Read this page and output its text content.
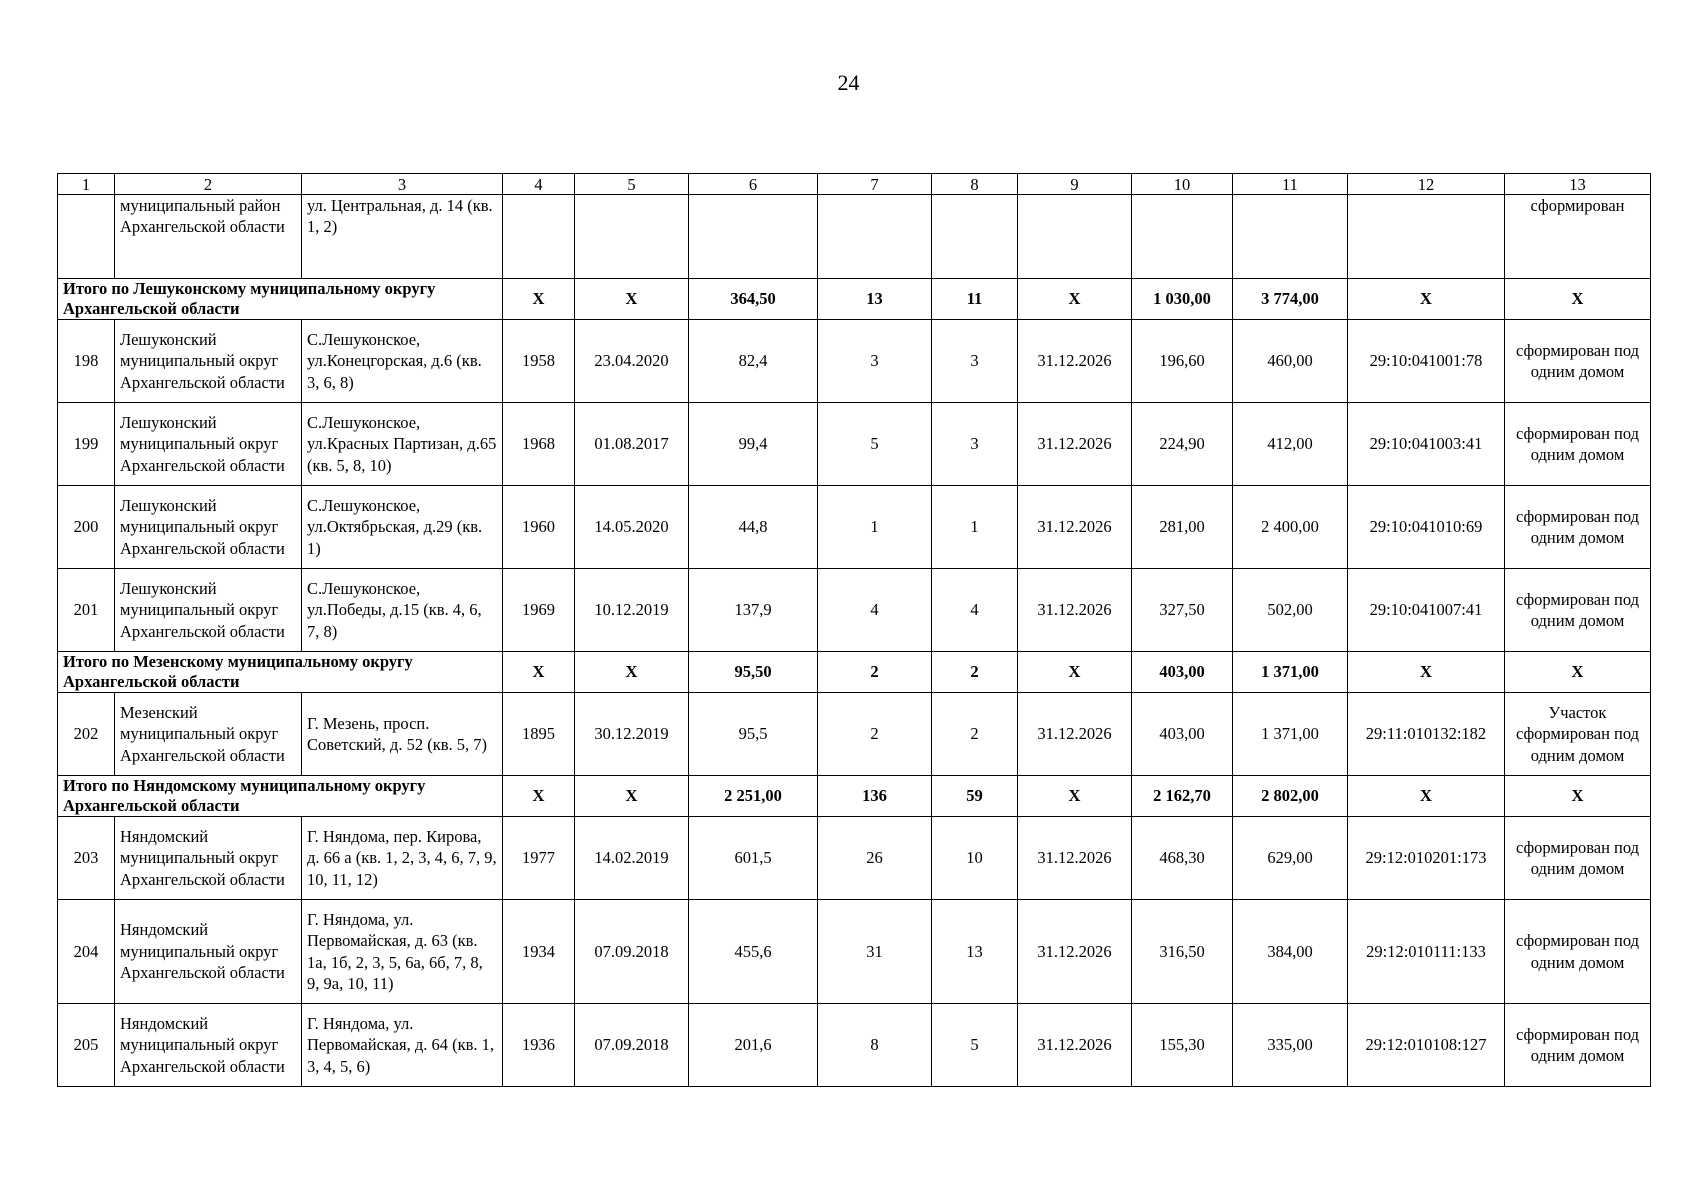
24
1	2	3	4	5	6	7	8	9	10	11	12	13
	муниципальный район Архангельской области	ул. Центральная, д. 14 (кв. 1, 2)										сформирован
Итого по Лешуконскому муниципальному округу Архангельской области			X	X	364,50	13	11	X	1 030,00	3 774,00	X	X
198	Лешуконский муниципальный округ Архангельской области	С.Лешуконское, ул.Конецгорская, д.6 (кв. 3, 6, 8)	1958	23.04.2020	82,4	3	3	31.12.2026	196,60	460,00	29:10:041001:78	сформирован под одним домом
199	Лешуконский муниципальный округ Архангельской области	С.Лешуконское, ул.Красных Партизан, д.65 (кв. 5, 8, 10)	1968	01.08.2017	99,4	5	3	31.12.2026	224,90	412,00	29:10:041003:41	сформирован под одним домом
200	Лешуконский муниципальный округ Архангельской области	С.Лешуконское, ул.Октябрьская, д.29 (кв. 1)	1960	14.05.2020	44,8	1	1	31.12.2026	281,00	2 400,00	29:10:041010:69	сформирован под одним домом
201	Лешуконский муниципальный округ Архангельской области	С.Лешуконское, ул.Победы, д.15 (кв. 4, 6, 7, 8)	1969	10.12.2019	137,9	4	4	31.12.2026	327,50	502,00	29:10:041007:41	сформирован под одним домом
Итого по Мезенскому муниципальному округу Архангельской области			X	X	95,50	2	2	X	403,00	1 371,00	X	X
202	Мезенский муниципальный округ Архангельской области	Г. Мезень, просп. Советский, д. 52 (кв. 5, 7)	1895	30.12.2019	95,5	2	2	31.12.2026	403,00	1 371,00	29:11:010132:182	Участок сформирован под одним домом
Итого по Няндомскому муниципальному округу Архангельской области			X	X	2 251,00	136	59	X	2 162,70	2 802,00	X	X
203	Няндомский муниципальный округ Архангельской области	Г. Няндома, пер. Кирова, д. 66 а (кв. 1, 2, 3, 4, 6, 7, 9, 10, 11, 12)	1977	14.02.2019	601,5	26	10	31.12.2026	468,30	629,00	29:12:010201:173	сформирован под одним домом
204	Няндомский муниципальный округ Архангельской области	Г. Няндома, ул. Первомайская, д. 63 (кв. 1а, 1б, 2, 3, 5, 6а, 6б, 7, 8, 9, 9а, 10, 11)	1934	07.09.2018	455,6	31	13	31.12.2026	316,50	384,00	29:12:010111:133	сформирован под одним домом
205	Няндомский муниципальный округ Архангельской области	Г. Няндома, ул. Первомайская, д. 64 (кв. 1, 3, 4, 5, 6)	1936	07.09.2018	201,6	8	5	31.12.2026	155,30	335,00	29:12:010108:127	сформирован под одним домом
